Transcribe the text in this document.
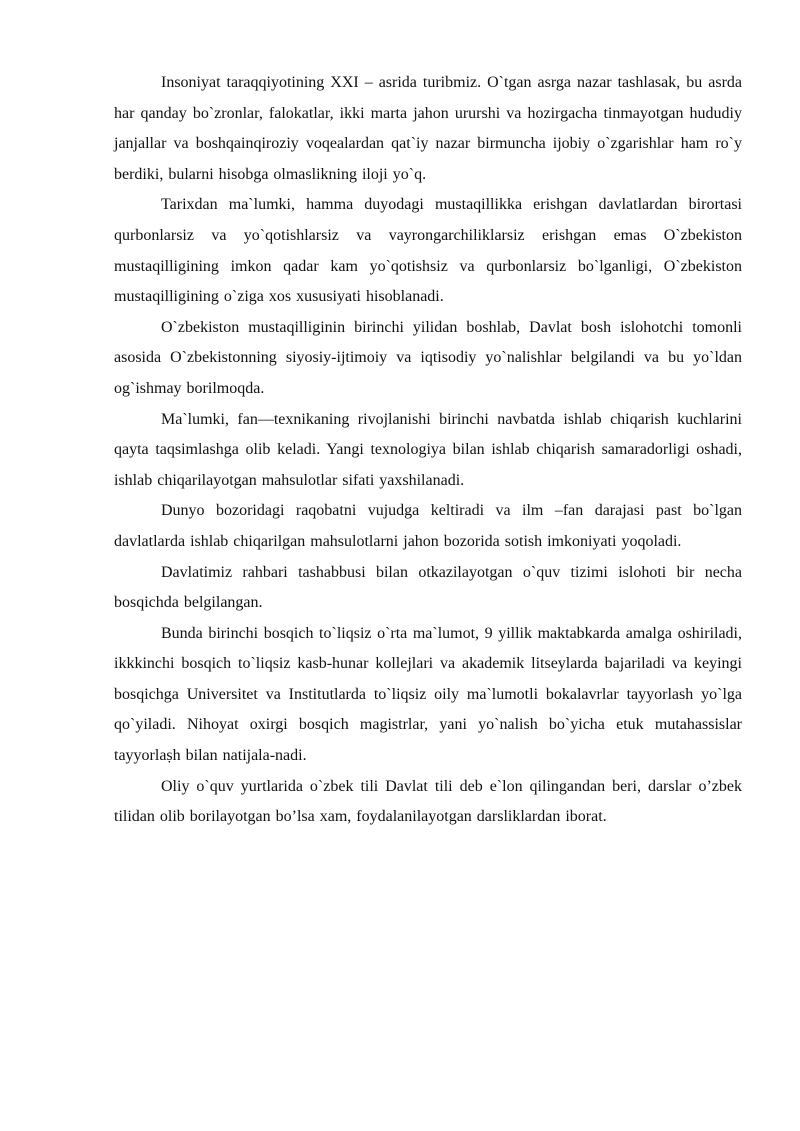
Insoniyat taraqqiyotining XXI – asrida turibmiz. O`tgan asrga nazar tashlasak, bu asrda har qanday bo`zronlar, falokatlar, ikki marta jahon ururshі va hozirgacha tinmayotgan hududiy janjallar va boshqainqiroziy voqealardan qat`iy nazar birmuncha ijobiy o`zgarishlar ham ro`y berdiki, bularni hisobga olmaslikning iloji yo`q.

Tarixdan ma`lumki, hamma duyodagi mustaqillikka erishgan davlatlardan birortasi qurbonlarsiz va yo`qotishlarsiz va vayrongarchiliklarsiz erishgan emas O`zbekiston mustaqilligining imkon qadar kam yo`qotishsiz va qurbonlarsiz bo`lganligi, O`zbekiston mustaqilligining o`ziga xos xususiyati hisoblanadi.

O`zbekiston mustaqilliginin birinchi yilidan boshlab, Davlat bosh islohotchi tomonli asosida O`zbekistonning siyosiy-ijtimoiy va iqtisodiy yo`nalishlar belgilandi va bu yo`ldan og`ishmay borilmoqda.

Ma`lumki, fan—texnikaning rivojlanishi birinchi navbatda ishlab chiqarish kuchlarini qayta taqsimlashga olib keladi. Yangi texnologiya bilan ishlab chiqarish samaradorligi oshadi, ishlab chiqarilayotgan mahsulotlar sifati yaxshilanadi.

Dunyo bozoridagi raqobatni vujudga keltiradi va ilm –fan darajasi past bo`lgan davlatlarda ishlab chiqarilgan mahsulotlarni jahon bozorida sotish imkoniyati yoqoladi.

Davlatimiz rahbari tashabbusi bilan otkazilayotgan o`quv tizimi islohoti bir necha bosqichda belgilangan.

Bunda birinchi bosqich to`liqsiz o`rta ma`lumot, 9 yillik maktabkarda amalga oshiriladi, ikkkinchi bosqich to`liqsiz kasb-hunar kollejlari va akademik litseylarda bajariladi va keyingi bosqichga Universitet va Institutlarda to`liqsiz oily ma`lumotli bokalavrlar tayyorlash yo`lga qo`yiladi. Nihoyat oxirgi bosqich magistrlar, yani yo`nalish bo`yicha etuk mutahassislar tayyorlaṣh bilan natijala-nadi.

Oliy o`quv yurtlarida o`zbek tili Davlat tili deb e`lon qilingandan beri, darslar o’zbek tilidan olib borilayotgan bo’lsa xam, foydalanilayotgan darsliklardan iborat.
